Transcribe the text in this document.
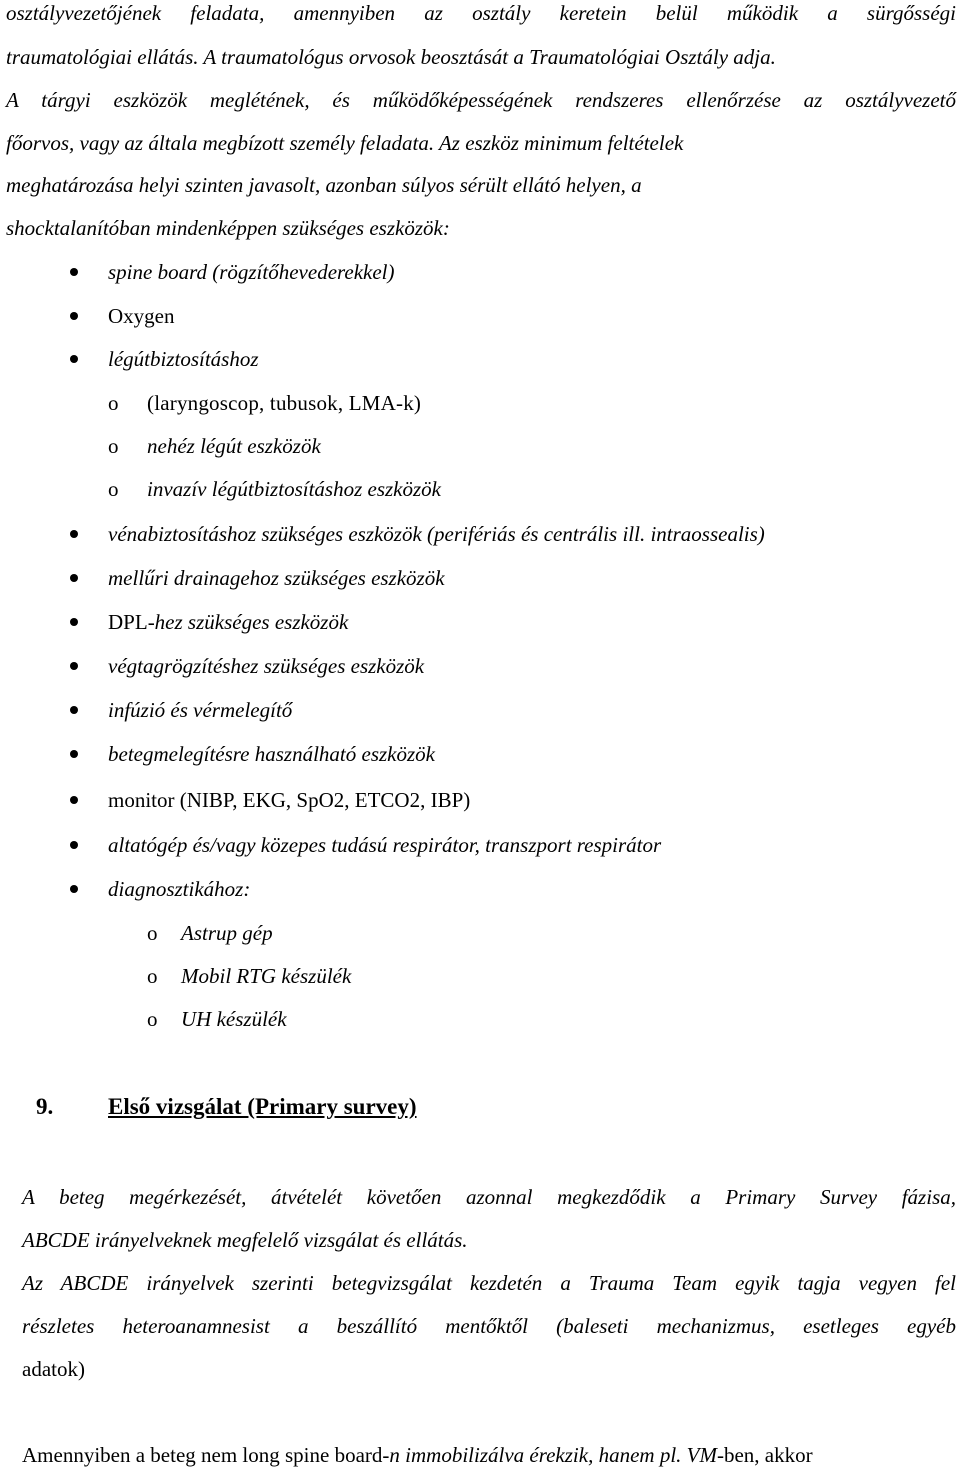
osztályvezetőjének feladata, amennyiben az osztály keretein belül működik a sürgősségi
traumatológiai ellátás. A traumatológus orvosok beosztását a Traumatológiai Osztály adja.
A tárgyi eszközök meglétének, és működőképességének rendszeres ellenőrzése az osztályvezető
főorvos, vagy az általa megbízott személy feladata. Az eszköz minimum feltételek
meghatározása helyi szinten javasolt, azonban súlyos sérült ellátó helyen, a
shocktalanítóban mindenképpen szükséges eszközök:
spine board (rögzítőhevederekkel)
Oxygen
légútbiztosításhoz
o (laryngoscop, tubusok, LMA-k)
o nehéz légút eszközök
o invazív légútbiztosításhoz eszközök
vénabiztosításhoz szükséges eszközök (perifériás és centrális ill. intraossealis)
mellűri drainagehoz szükséges eszközök
DPL-hez szükséges eszközök
végtagrögzítéshez szükséges eszközök
infúzió és vérmelegítő
betegmelegítésre használható eszközök
monitor (NIBP, EKG, SpO2, ETCO2, IBP)
altatógép és/vagy közepes tudású respirátor, transzport respirátor
diagnosztikához:
o Astrup gép
o Mobil RTG készülék
o UH készülék
9. Első vizsgálat (Primary survey)
A beteg megérkezését, átvételét követően azonnal megkezdődik a Primary Survey fázisa,
ABCDE irányelveknek megfelelő vizsgálat és ellátás.
Az ABCDE irányelvek szerinti betegvizsgálat kezdetén a Trauma Team egyik tagja vegyen fel
részletes heteroanamnesist a beszállító mentőktől (baleseti mechanizmus, esetleges egyéb
adatok)
Amennyiben a beteg nem long spine board-n immobilizálva érekzik, hanem pl. VM-ben, akkor
